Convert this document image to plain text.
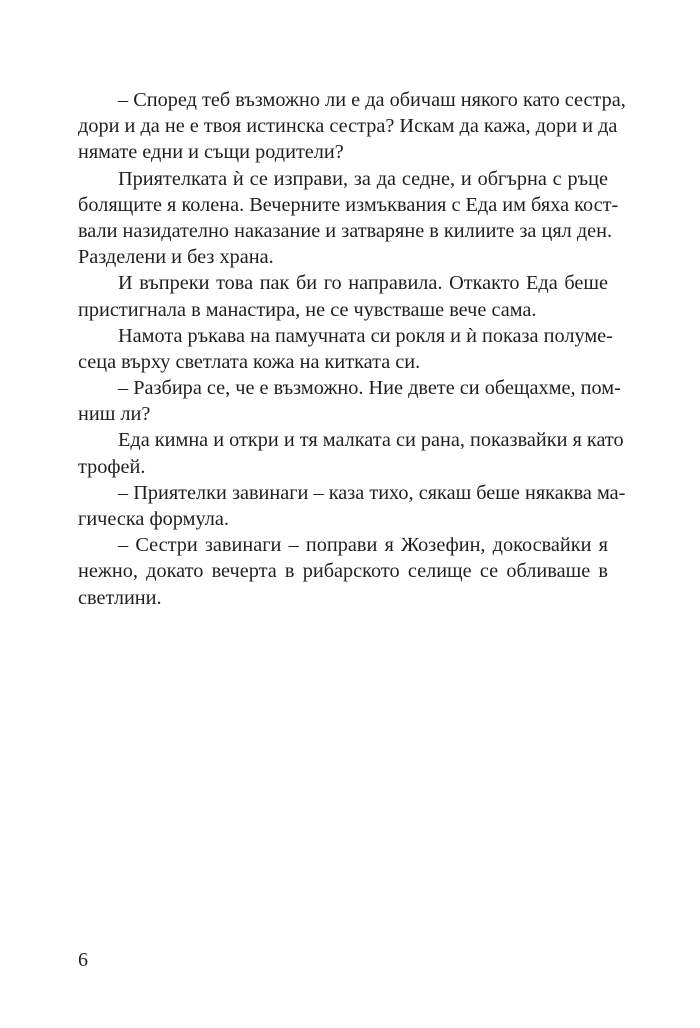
– Според теб възможно ли е да обичаш някого като сестра,
дори и да не е твоя истинска сестра? Искам да кажа, дори и да
нямате едни и същи родители?

Приятелката ѝ се изправи, за да седне, и обгърна с ръце
болящите я колена. Вечерните измъквания с Еда им бяха кост-
вали назидателно наказание и затваряне в килиите за цял ден.
Разделени и без храна.

И въпреки това пак би го направила. Откакто Еда беше
пристигнала в манастира, не се чувстваше вече сама.

Намота ръкава на памучната си рокля и ѝ показа полуме-
сеца върху светлата кожа на китката си.

– Разбира се, че е възможно. Ние двете си обещахме, пом-
ниш ли?

Еда кимна и откри и тя малката си рана, показвайки я като
трофей.

– Приятелки завинаги – каза тихо, сякаш беше някаква ма-
гическа формула.

– Сестри завинаги – поправи я Жозефин, докосвайки я
нежно, докато вечерта в рибарското селище се обливаше в
светлини.

6
